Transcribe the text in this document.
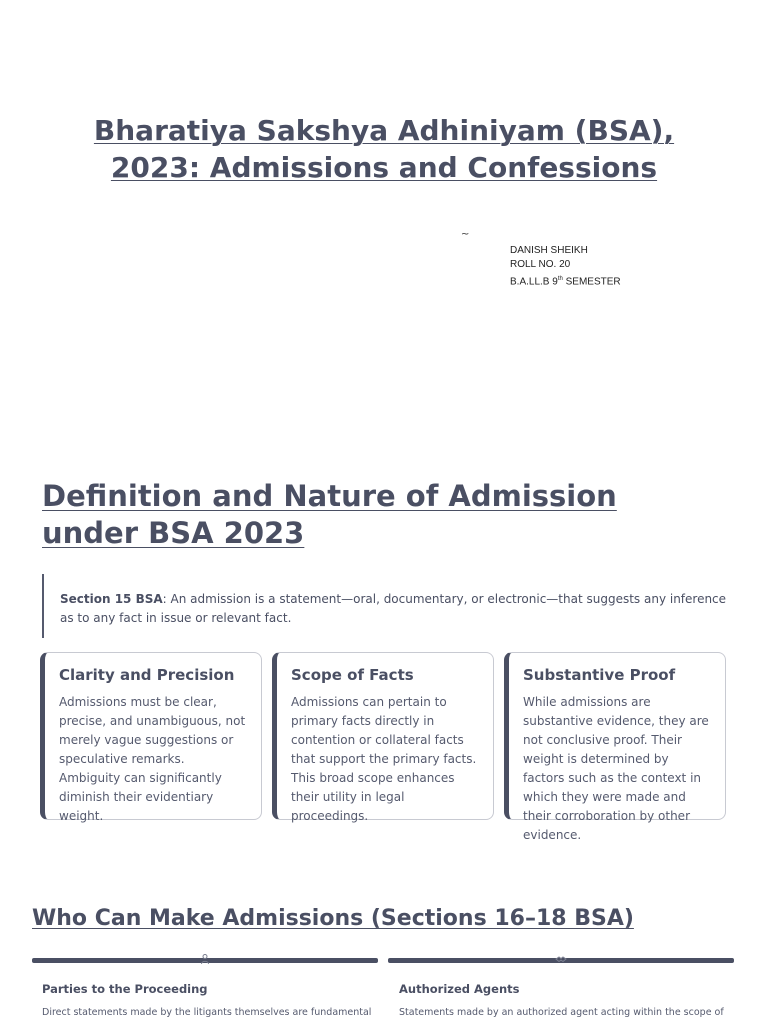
Bharatiya Sakshya Adhiniyam (BSA),
2023: Admissions and Confessions
~
DANISH SHEIKH
ROLL NO. 20
B.A.LL.B 9th SEMESTER
Definition and Nature of Admission
under BSA 2023
Section 15 BSA: An admission is a statement—oral, documentary, or electronic—that suggests any inference as to any fact in issue or relevant fact.
Clarity and Precision
Admissions must be clear, precise, and unambiguous, not merely vague suggestions or speculative remarks. Ambiguity can significantly diminish their evidentiary weight.
Scope of Facts
Admissions can pertain to primary facts directly in contention or collateral facts that support the primary facts. This broad scope enhances their utility in legal proceedings.
Substantive Proof
While admissions are substantive evidence, they are not conclusive proof. Their weight is determined by factors such as the context in which they were made and their corroboration by other evidence.
Who Can Make Admissions (Sections 16–18 BSA)
Parties to the Proceeding
Direct statements made by the litigants themselves are fundamental
Authorized Agents
Statements made by an authorized agent acting within the scope of
